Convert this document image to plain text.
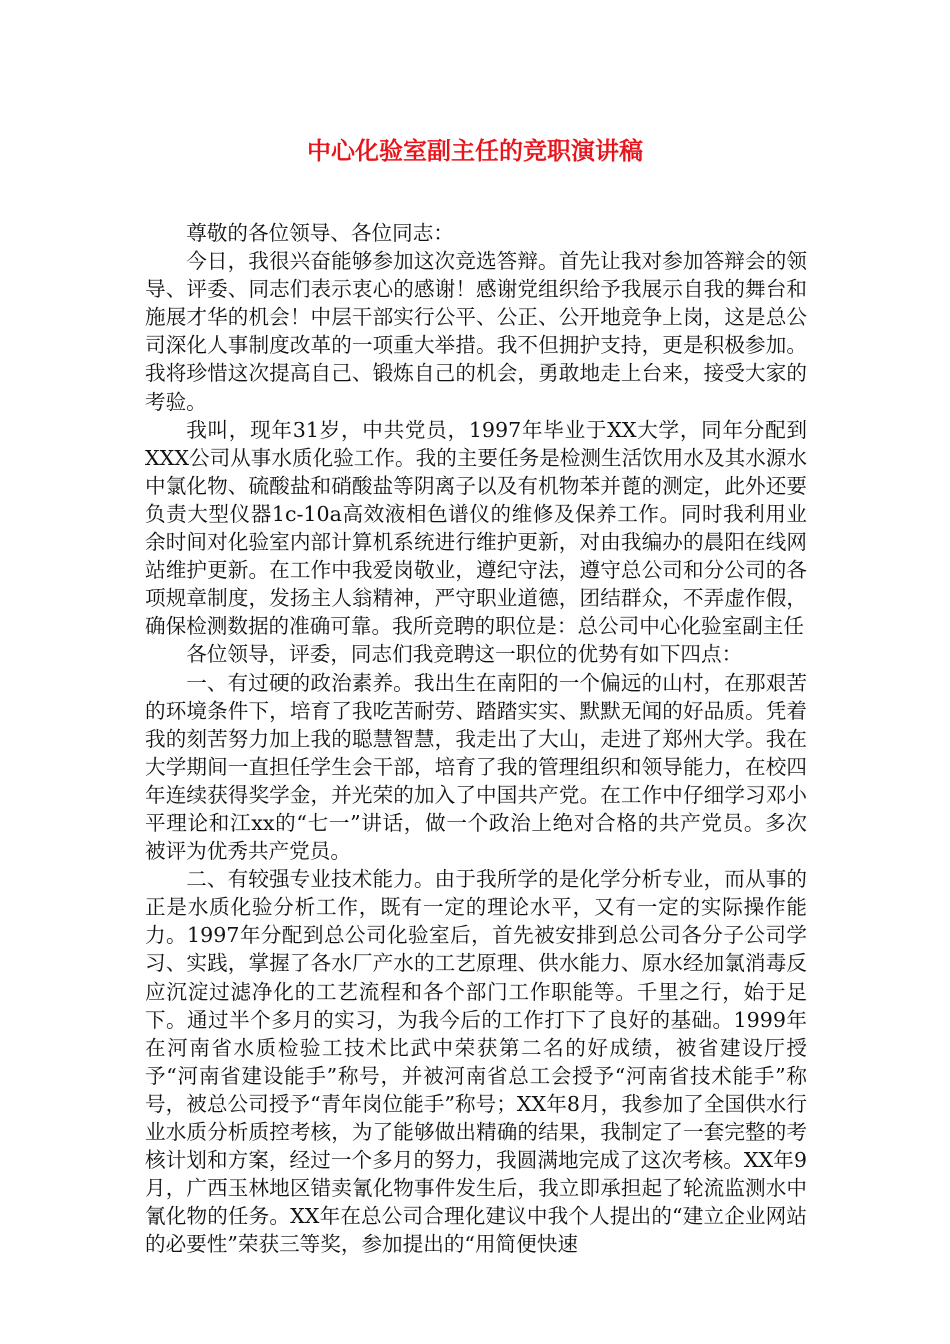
中心化验室副主任的竞职演讲稿

尊敬的各位领导、各位同志：

今日，我很兴奋能够参加这次竞选答辩。首先让我对参加答辩会的领导、评委、同志们表示衷心的感谢！感谢党组织给予我展示自我的舞台和施展才华的机会！中层干部实行公平、公正、公开地竞争上岗，这是总公司深化人事制度改革的一项重大举措。我不但拥护支持，更是积极参加。我将珍惜这次提高自己、锻炼自己的机会，勇敢地走上台来，接受大家的考验。

我叫，现年31岁，中共党员，1997年毕业于XX大学，同年分配到XXX公司从事水质化验工作。我的主要任务是检测生活饮用水及其水源水中氯化物、硫酸盐和硝酸盐等阴离子以及有机物苯并蓖的测定，此外还要负责大型仪器1c-10a高效液相色谱仪的维修及保养工作。同时我利用业余时间对化验室内部计算机系统进行维护更新，对由我编办的晨阳在线网站维护更新。在工作中我爱岗敬业，遵纪守法，遵守总公司和分公司的各项规章制度，发扬主人翁精神，严守职业道德，团结群众，不弄虚作假，确保检测数据的准确可靠。我所竞聘的职位是：总公司中心化验室副主任

各位领导，评委，同志们我竞聘这一职位的优势有如下四点：

一、有过硬的政治素养。我出生在南阳的一个偏远的山村，在那艰苦的环境条件下，培育了我吃苦耐劳、踏踏实实、默默无闻的好品质。凭着我的刻苦努力加上我的聪慧智慧，我走出了大山，走进了郑州大学。我在大学期间一直担任学生会干部，培育了我的管理组织和领导能力，在校四年连续获得奖学金，并光荣的加入了中国共产党。在工作中仔细学习邓小平理论和江xx的“七一”讲话，做一个政治上绝对合格的共产党员。多次被评为优秀共产党员。

二、有较强专业技术能力。由于我所学的是化学分析专业，而从事的正是水质化验分析工作，既有一定的理论水平，又有一定的实际操作能力。1997年分配到总公司化验室后，首先被安排到总公司各分子公司学习、实践，掌握了各水厂产水的工艺原理、供水能力、原水经加氯消毒反应沉淀过滤净化的工艺流程和各个部门工作职能等。千里之行，始于足下。通过半个多月的实习，为我今后的工作打下了良好的基础。1999年在河南省水质检验工技术比武中荣获第二名的好成绩，被省建设厅授予“河南省建设能手”称号，并被河南省总工会授予“河南省技术能手”称号，被总公司授予“青年岗位能手”称号；XX年8月，我参加了全国供水行业水质分析质控考核，为了能够做出精确的结果，我制定了一套完整的考核计划和方案，经过一个多月的努力，我圆满地完成了这次考核。XX年9月，广西玉林地区错卖氰化物事件发生后，我立即承担起了轮流监测水中氰化物的任务。XX年在总公司合理化建议中我个人提出的“建立企业网站的必要性”荣获三等奖，参加提出的“用简便快速
